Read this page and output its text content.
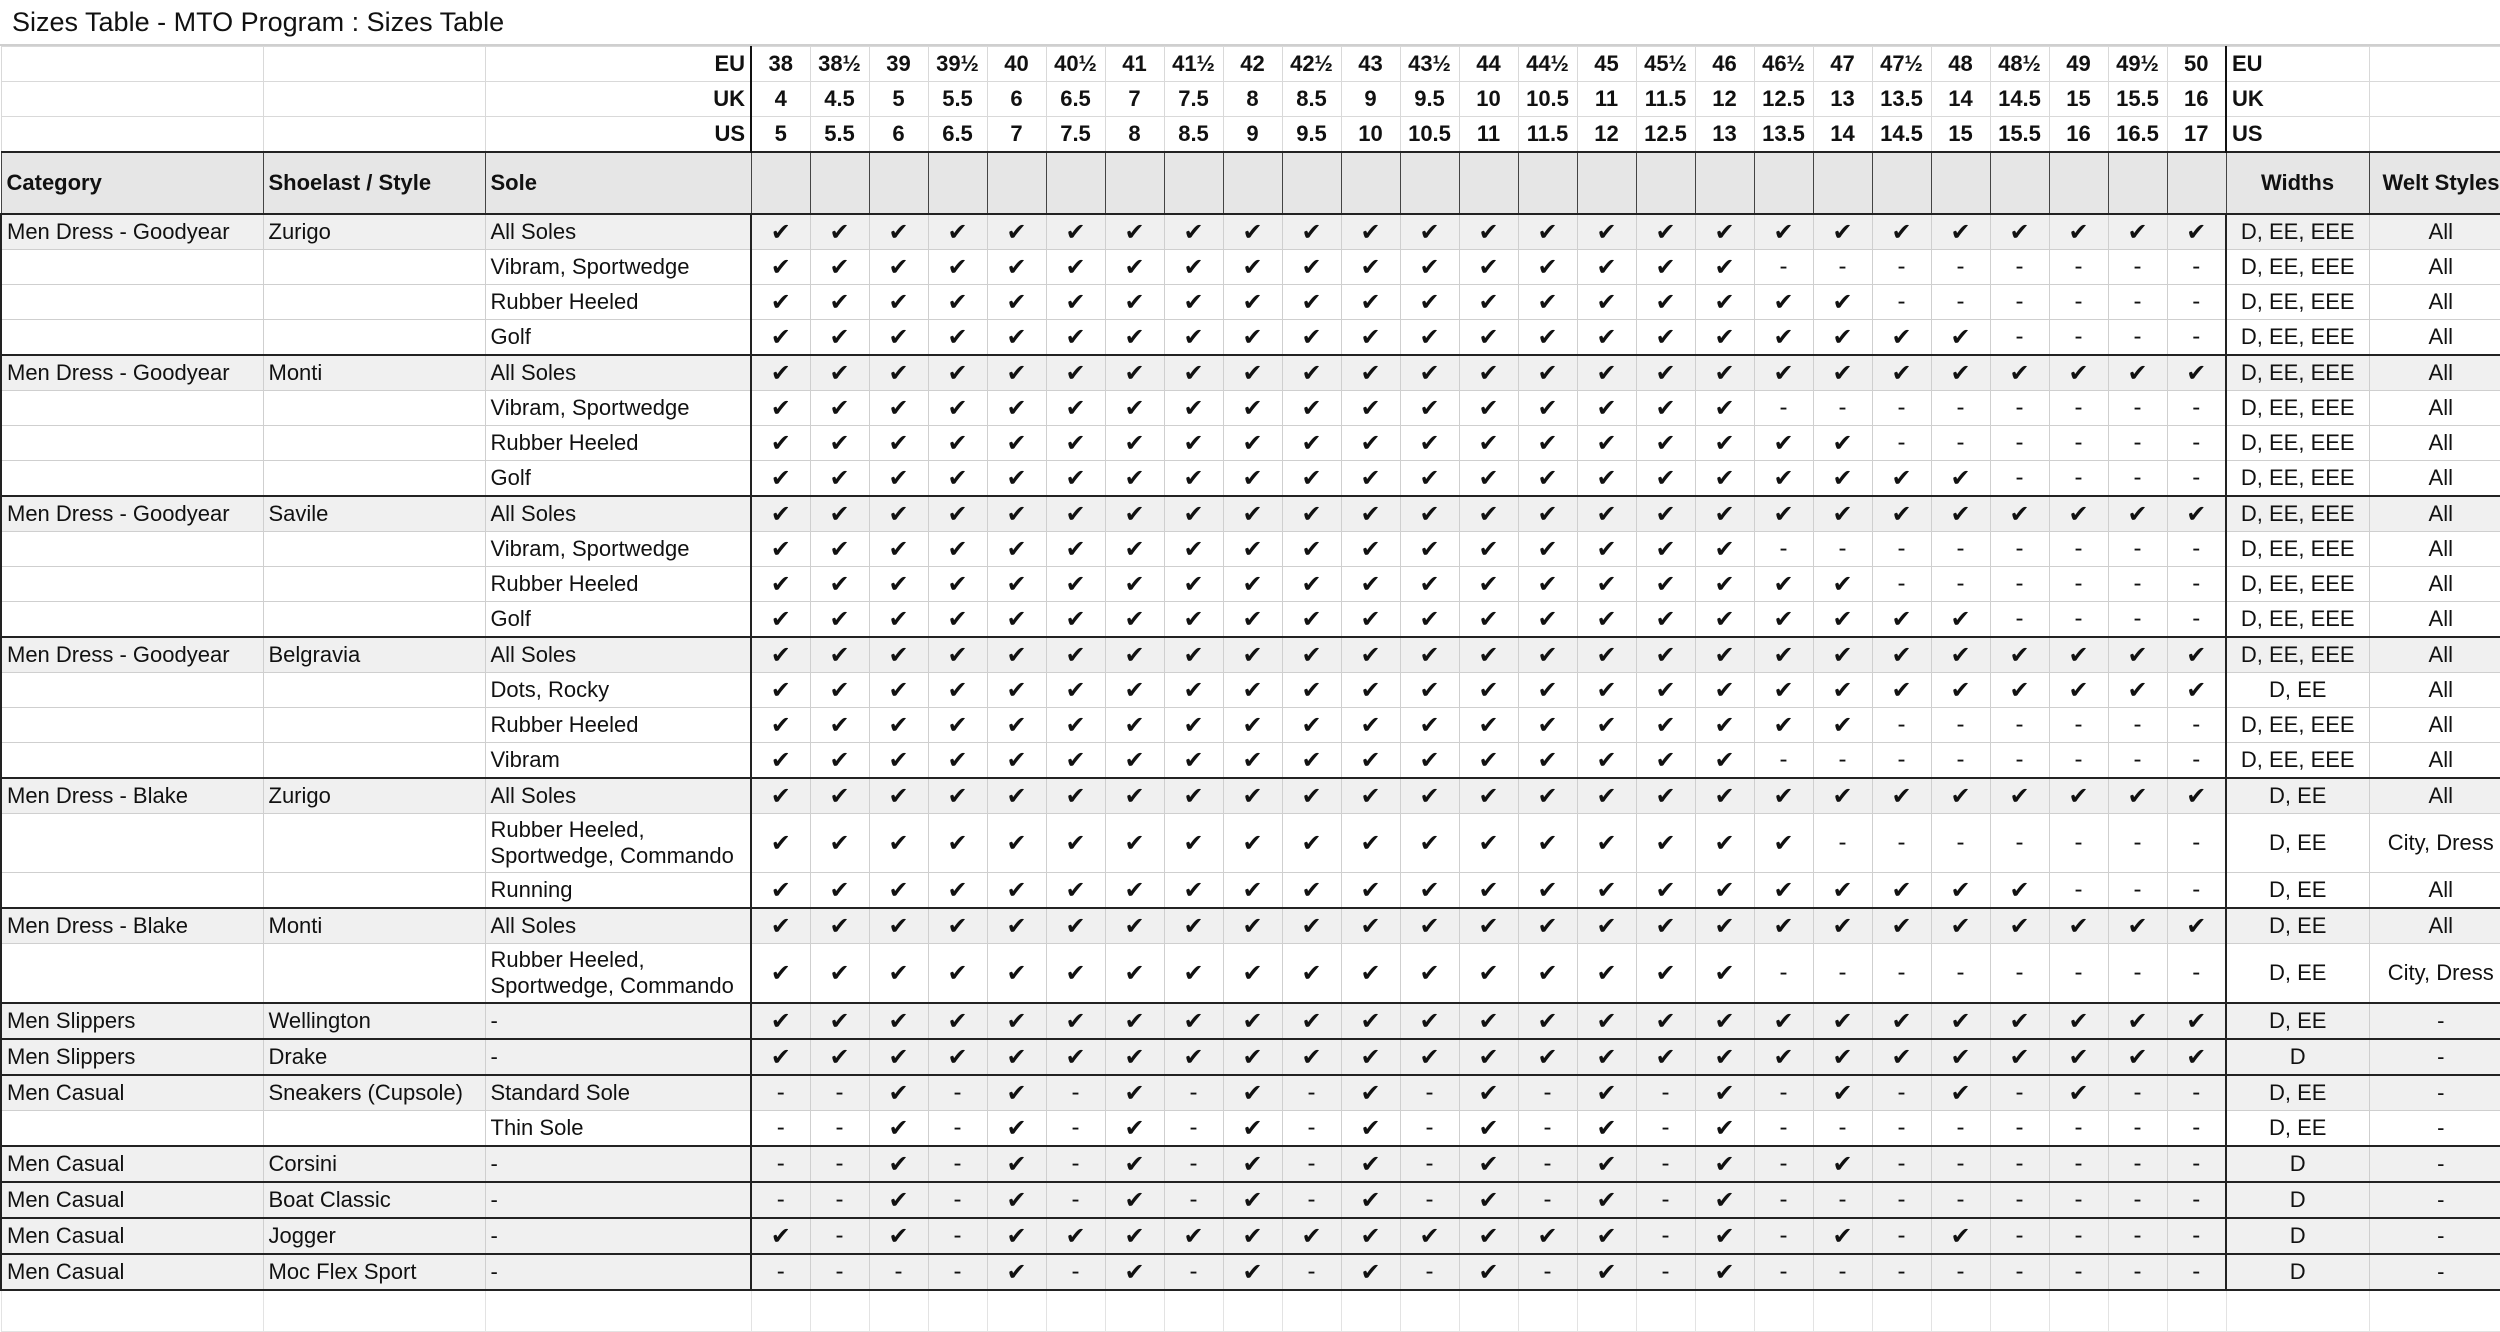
Sizes Table - MTO Program : Sizes Table
		EU	38	38½	39	39½	40	40½	41	41½	42	42½	43	43½	44	44½	45	45½	46	46½	47	47½	48	48½	49	49½	50	EU	
		UK	4	4.5	5	5.5	6	6.5	7	7.5	8	8.5	9	9.5	10	10.5	11	11.5	12	12.5	13	13.5	14	14.5	15	15.5	16	UK	
		US	5	5.5	6	6.5	7	7.5	8	8.5	9	9.5	10	10.5	11	11.5	12	12.5	13	13.5	14	14.5	15	15.5	16	16.5	17	US	
Category	Shoelast / Style	Sole																										Widths	Welt Styles
Men Dress - Goodyear	Zurigo	All Soles	✔	✔	✔	✔	✔	✔	✔	✔	✔	✔	✔	✔	✔	✔	✔	✔	✔	✔	✔	✔	✔	✔	✔	✔	✔	D, EE, EEE	All
		Vibram, Sportwedge	✔	✔	✔	✔	✔	✔	✔	✔	✔	✔	✔	✔	✔	✔	✔	✔	✔	-	-	-	-	-	-	-	-	D, EE, EEE	All
		Rubber Heeled	✔	✔	✔	✔	✔	✔	✔	✔	✔	✔	✔	✔	✔	✔	✔	✔	✔	✔	✔	-	-	-	-	-	-	D, EE, EEE	All
		Golf	✔	✔	✔	✔	✔	✔	✔	✔	✔	✔	✔	✔	✔	✔	✔	✔	✔	✔	✔	✔	✔	-	-	-	-	D, EE, EEE	All
Men Dress - Goodyear	Monti	All Soles	✔	✔	✔	✔	✔	✔	✔	✔	✔	✔	✔	✔	✔	✔	✔	✔	✔	✔	✔	✔	✔	✔	✔	✔	✔	D, EE, EEE	All
		Vibram, Sportwedge	✔	✔	✔	✔	✔	✔	✔	✔	✔	✔	✔	✔	✔	✔	✔	✔	✔	-	-	-	-	-	-	-	-	D, EE, EEE	All
		Rubber Heeled	✔	✔	✔	✔	✔	✔	✔	✔	✔	✔	✔	✔	✔	✔	✔	✔	✔	✔	✔	-	-	-	-	-	-	D, EE, EEE	All
		Golf	✔	✔	✔	✔	✔	✔	✔	✔	✔	✔	✔	✔	✔	✔	✔	✔	✔	✔	✔	✔	✔	-	-	-	-	D, EE, EEE	All
Men Dress - Goodyear	Savile	All Soles	✔	✔	✔	✔	✔	✔	✔	✔	✔	✔	✔	✔	✔	✔	✔	✔	✔	✔	✔	✔	✔	✔	✔	✔	✔	D, EE, EEE	All
		Vibram, Sportwedge	✔	✔	✔	✔	✔	✔	✔	✔	✔	✔	✔	✔	✔	✔	✔	✔	✔	-	-	-	-	-	-	-	-	D, EE, EEE	All
		Rubber Heeled	✔	✔	✔	✔	✔	✔	✔	✔	✔	✔	✔	✔	✔	✔	✔	✔	✔	✔	✔	-	-	-	-	-	-	D, EE, EEE	All
		Golf	✔	✔	✔	✔	✔	✔	✔	✔	✔	✔	✔	✔	✔	✔	✔	✔	✔	✔	✔	✔	✔	-	-	-	-	D, EE, EEE	All
Men Dress - Goodyear	Belgravia	All Soles	✔	✔	✔	✔	✔	✔	✔	✔	✔	✔	✔	✔	✔	✔	✔	✔	✔	✔	✔	✔	✔	✔	✔	✔	✔	D, EE, EEE	All
		Dots, Rocky	✔	✔	✔	✔	✔	✔	✔	✔	✔	✔	✔	✔	✔	✔	✔	✔	✔	✔	✔	✔	✔	✔	✔	✔	✔	D, EE	All
		Rubber Heeled	✔	✔	✔	✔	✔	✔	✔	✔	✔	✔	✔	✔	✔	✔	✔	✔	✔	✔	✔	-	-	-	-	-	-	D, EE, EEE	All
		Vibram	✔	✔	✔	✔	✔	✔	✔	✔	✔	✔	✔	✔	✔	✔	✔	✔	✔	-	-	-	-	-	-	-	-	D, EE, EEE	All
Men Dress - Blake	Zurigo	All Soles	✔	✔	✔	✔	✔	✔	✔	✔	✔	✔	✔	✔	✔	✔	✔	✔	✔	✔	✔	✔	✔	✔	✔	✔	✔	D, EE	All
		Rubber Heeled, Sportwedge, Commando	✔	✔	✔	✔	✔	✔	✔	✔	✔	✔	✔	✔	✔	✔	✔	✔	✔	✔	-	-	-	-	-	-	-	D, EE	City, Dress
		Running	✔	✔	✔	✔	✔	✔	✔	✔	✔	✔	✔	✔	✔	✔	✔	✔	✔	✔	✔	✔	✔	✔	-	-	-	D, EE	All
Men Dress - Blake	Monti	All Soles	✔	✔	✔	✔	✔	✔	✔	✔	✔	✔	✔	✔	✔	✔	✔	✔	✔	✔	✔	✔	✔	✔	✔	✔	✔	D, EE	All
		Rubber Heeled, Sportwedge, Commando	✔	✔	✔	✔	✔	✔	✔	✔	✔	✔	✔	✔	✔	✔	✔	✔	✔	-	-	-	-	-	-	-	-	D, EE	City, Dress
Men Slippers	Wellington	-	✔	✔	✔	✔	✔	✔	✔	✔	✔	✔	✔	✔	✔	✔	✔	✔	✔	✔	✔	✔	✔	✔	✔	✔	✔	D, EE	-
Men Slippers	Drake	-	✔	✔	✔	✔	✔	✔	✔	✔	✔	✔	✔	✔	✔	✔	✔	✔	✔	✔	✔	✔	✔	✔	✔	✔	✔	D	-
Men Casual	Sneakers (Cupsole)	Standard Sole	-	-	✔	-	✔	-	✔	-	✔	-	✔	-	✔	-	✔	-	✔	-	✔	-	✔	-	✔	-	-	D, EE	-
		Thin Sole	-	-	✔	-	✔	-	✔	-	✔	-	✔	-	✔	-	✔	-	✔	-	-	-	-	-	-	-	-	D, EE	-
Men Casual	Corsini	-	-	-	✔	-	✔	-	✔	-	✔	-	✔	-	✔	-	✔	-	✔	-	✔	-	-	-	-	-	-	D	-
Men Casual	Boat Classic	-	-	-	✔	-	✔	-	✔	-	✔	-	✔	-	✔	-	✔	-	✔	-	-	-	-	-	-	-	-	D	-
Men Casual	Jogger	-	✔	-	✔	-	✔	✔	✔	✔	✔	✔	✔	✔	✔	✔	✔	-	✔	-	✔	-	✔	-	-	-	-	D	-
Men Casual	Moc Flex Sport	-	-	-	-	-	✔	-	✔	-	✔	-	✔	-	✔	-	✔	-	✔	-	-	-	-	-	-	-	-	D	-
